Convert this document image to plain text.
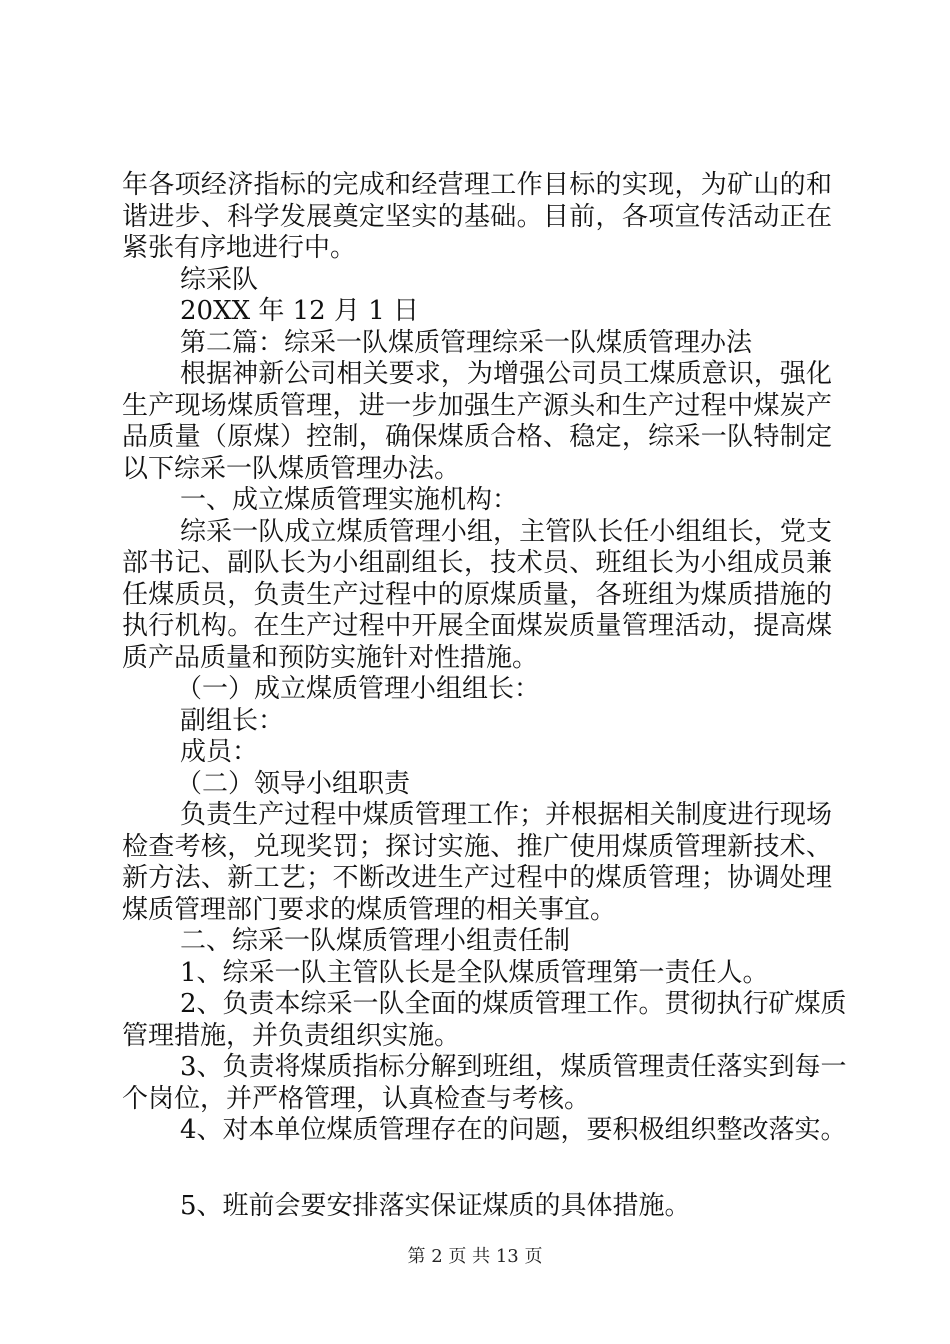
年各项经济指标的完成和经营理工作目标的实现，为矿山的和
谐进步、科学发展奠定坚实的基础。目前，各项宣传活动正在
紧张有序地进行中。
综采队
20XX 年 12 月 1 日
第二篇：综采一队煤质管理综采一队煤质管理办法
根据神新公司相关要求，为增强公司员工煤质意识，强化
生产现场煤质管理，进一步加强生产源头和生产过程中煤炭产
品质量（原煤）控制，确保煤质合格、稳定，综采一队特制定
以下综采一队煤质管理办法。
一、成立煤质管理实施机构：
综采一队成立煤质管理小组，主管队长任小组组长，党支
部书记、副队长为小组副组长，技术员、班组长为小组成员兼
任煤质员，负责生产过程中的原煤质量，各班组为煤质措施的
执行机构。在生产过程中开展全面煤炭质量管理活动，提高煤
质产品质量和预防实施针对性措施。
（一）成立煤质管理小组组长：
副组长：
成员：
（二）领导小组职责
负责生产过程中煤质管理工作；并根据相关制度进行现场
检查考核，兑现奖罚；探讨实施、推广使用煤质管理新技术、
新方法、新工艺；不断改进生产过程中的煤质管理；协调处理
煤质管理部门要求的煤质管理的相关事宜。
二、综采一队煤质管理小组责任制
1、综采一队主管队长是全队煤质管理第一责任人。
2、负责本综采一队全面的煤质管理工作。贯彻执行矿煤质
管理措施，并负责组织实施。
3、负责将煤质指标分解到班组，煤质管理责任落实到每一
个岗位，并严格管理，认真检查与考核。
4、对本单位煤质管理存在的问题，要积极组织整改落实。
5、班前会要安排落实保证煤质的具体措施。
第 2 页 共 13 页
